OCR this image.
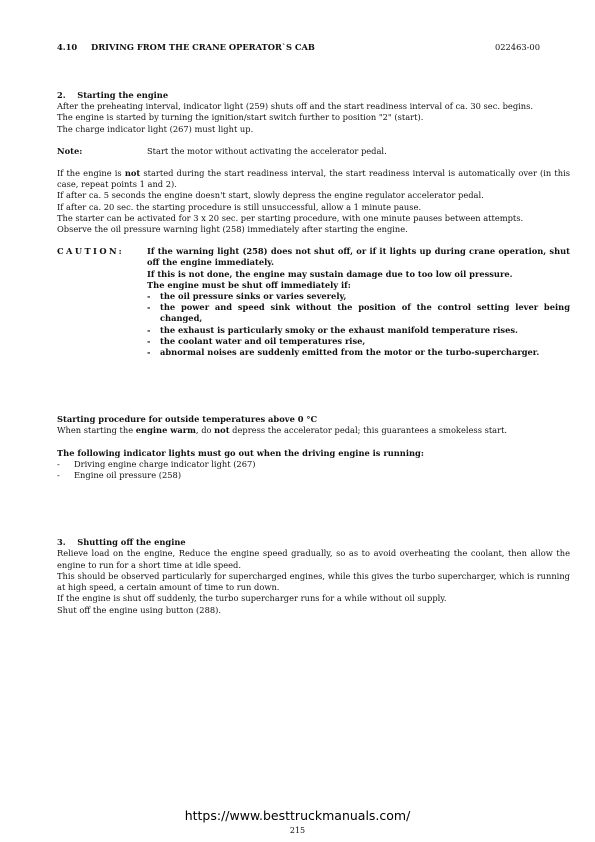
4.10 DRIVING FROM THE CRANE OPERATOR`S CAB	022463-00

2.    Starting the engine

After the preheating interval, indicator light (259) shuts off and the start readiness interval of ca. 30 sec. begins.

The engine is started by turning the ignition/start switch further to position "2" (start).

The charge indicator light (267) must light up.

Note:	Start the motor without activating the accelerator pedal.

If the engine is not started during the start readiness interval, the start readiness interval is automatically over (in this case, repeat points 1 and 2).

If after ca. 5 seconds the engine doesn't start, slowly depress the engine regulator accelerator pedal.

If after ca. 20 sec. the starting procedure is still unsuccessful, allow a 1 minute pause.

The starter can be activated for 3 x 20 sec. per starting procedure, with one minute pauses between attempts.

Observe the oil pressure warning light (258) immediately after starting the engine.

CAUTION:	If the warning light (258) does not shut off, or if it lights up during crane operation, shut off the engine immediately.

If this is not done, the engine may sustain damage due to too low oil pressure.

The engine must be shut off immediately if:

-	the oil pressure sinks or varies severely,
-	the power and speed sink without the position of the control setting lever being changed,
-	the exhaust is particularly smoky or the exhaust manifold temperature rises.
-	the coolant water and oil temperatures rise,
-	abnormal noises are suddenly emitted from the motor or the turbo-supercharger.

Starting procedure for outside temperatures above 0 °C

When starting the engine warm, do not depress the accelerator pedal; this guarantees a smokeless start.

The following indicator lights must go out when the driving engine is running:

-	Driving engine charge indicator light (267)
-	Engine oil pressure (258)

3.    Shutting off the engine

Relieve load on the engine, Reduce the engine speed gradually, so as to avoid overheating the coolant, then allow the engine to run for a short time at idle speed.

This should be observed particularly for supercharged engines, while this gives the turbo supercharger, which is running at high speed, a certain amount of time to run down.

If the engine is shut off suddenly, the turbo supercharger runs for a while without oil supply.

Shut off the engine using button (288).

https://www.besttruckmanuals.com/
215
